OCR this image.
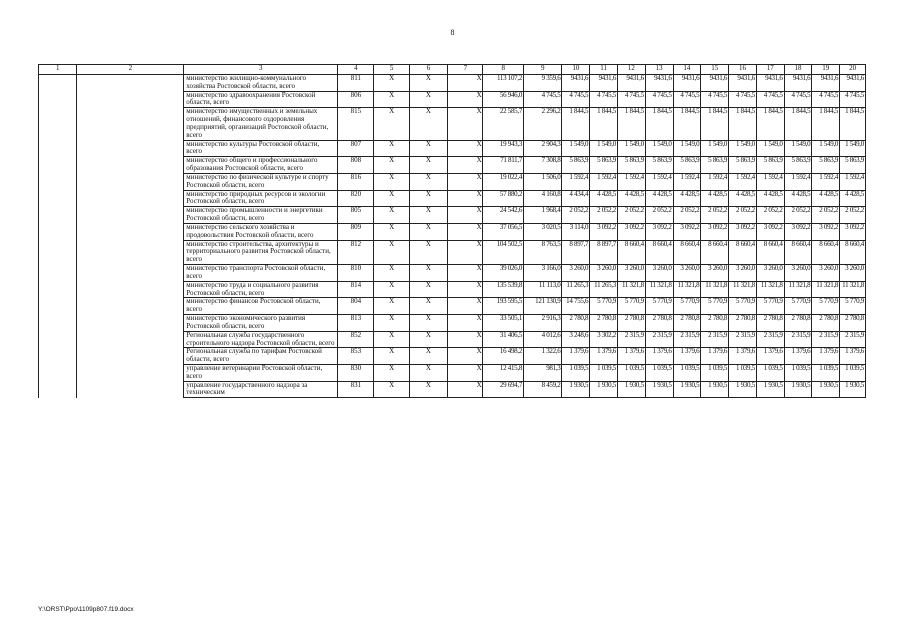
8
1	2	3	4	5	6	7	8	9	10	11	12	13	14	15	16	17	18	19	20
		министерство жилищно-коммунального хозяйства Ростовской области, всего	811	X	X	X	113 107,2	9 359,6	9431,6	9431,6	9431,6	9431,6	9431,6	9431,6	9431,6	9431,6	9431,6	9431,6	9431,6
		министерство здравоохранения Ростовской области, всего	806	X	X	X	56 946,0	4 745,5	4 745,5	4 745,5	4 745,5	4 745,5	4 745,5	4 745,5	4 745,5	4 745,5	4 745,5	4 745,5	4 745,5
		министерство имущественных и земельных отношений, финансового оздоровления предприятий, организаций Ростовской области, всего	815	X	X	X	22 585,7	2 296,2	1 844,5	1 844,5	1 844,5	1 844,5	1 844,5	1 844,5	1 844,5	1 844,5	1 844,5	1 844,5	1 844,5
		министерство культуры Ростовской области, всего	807	X	X	X	19 943,3	2 904,3	1 549,0	1 549,0	1 549,0	1 549,0	1 549,0	1 549,0	1 549,0	1 549,0	1 549,0	1 549,0	1 549,0
		министерство общего и профессионального образования Ростовской области, всего	808	X	X	X	71 811,7	7 308,8	5 863,9	5 863,9	5 863,9	5 863,9	5 863,9	5 863,9	5 863,9	5 863,9	5 863,9	5 863,9	5 863,9
		министерство по физической культуре и спорту Ростовской области, всего	816	X	X	X	19 022,4	1 506,0	1 592,4	1 592,4	1 592,4	1 592,4	1 592,4	1 592,4	1 592,4	1 592,4	1 592,4	1 592,4	1 592,4
		министерство природных ресурсов и экологии Ростовской области, всего	820	X	X	X	57 880,2	4 160,8	4 434,4	4 428,5	4 428,5	4 428,5	4 428,5	4 428,5	4 428,5	4 428,5	4 428,5	4 428,5	4 428,5
		министерство промышленности и энергетики Ростовской области, всего	805	X	X	X	24 542,6	1 968,4	2 052,2	2 052,2	2 052,2	2 052,2	2 052,2	2 052,2	2 052,2	2 052,2	2 052,2	2 052,2	2 052,2
		министерство сельского хозяйства и продовольствия Ростовской области, всего	809	X	X	X	37 056,5	3 020,5	3 114,0	3 092,2	3 092,2	3 092,2	3 092,2	3 092,2	3 092,2	3 092,2	3 092,2	3 092,2	3 092,2
		министерство строительства, архитектуры и территориального развития Ростовской области, всего	812	X	X	X	104 502,5	8 763,5	8 897,7	8 897,7	8 660,4	8 660,4	8 660,4	8 660,4	8 660,4	8 660,4	8 660,4	8 660,4	8 660,4
		министерство транспорта Ростовской области, всего	810	X	X	X	39 026,0	3 166,0	3 260,0	3 260,0	3 260,0	3 260,0	3 260,0	3 260,0	3 260,0	3 260,0	3 260,0	3 260,0	3 260,0
		министерство труда и социального развития Ростовской области, всего	814	X	X	X	135 539,8	11 113,0	11 265,3	11 265,3	11 321,8	11 321,8	11 321,8	11 321,8	11 321,8	11 321,8	11 321,8	11 321,8	11 321,8
		министерство финансов Ростовской области, всего	804	X	X	X	193 595,5	121 130,9	14 755,6	5 770,9	5 770,9	5 770,9	5 770,9	5 770,9	5 770,9	5 770,9	5 770,9	5 770,9	5 770,9
		министерство экономического развития Ростовской области, всего	813	X	X	X	33 505,1	2 916,3	2 780,8	2 780,8	2 780,8	2 780,8	2 780,8	2 780,8	2 780,8	2 780,8	2 780,8	2 780,8	2 780,8
		Региональная служба государственного строительного надзора Ростовской области, всего	852	X	X	X	31 406,5	4 012,6	3 248,6	3 302,2	2 315,9	2 315,9	2 315,9	2 315,9	2 315,9	2 315,9	2 315,9	2 315,9	2 315,9
		Региональная служба по тарифам Ростовской области, всего	853	X	X	X	16 498,2	1 322,6	1 379,6	1 379,6	1 379,6	1 379,6	1 379,6	1 379,6	1 379,6	1 379,6	1 379,6	1 379,6	1 379,6
		управление ветеринарии Ростовской области, всего	830	X	X	X	12 415,8	981,3	1 039,5	1 039,5	1 039,5	1 039,5	1 039,5	1 039,5	1 039,5	1 039,5	1 039,5	1 039,5	1 039,5
		управление государственного надзора за техническим	831	X	X	X	29 694,7	8 459,2	1 930,5	1 930,5	1 930,5	1 930,5	1 930,5	1 930,5	1 930,5	1 930,5	1 930,5	1 930,5	1 930,5
Y:\ORST\Ppo\1109p807.f19.docx
